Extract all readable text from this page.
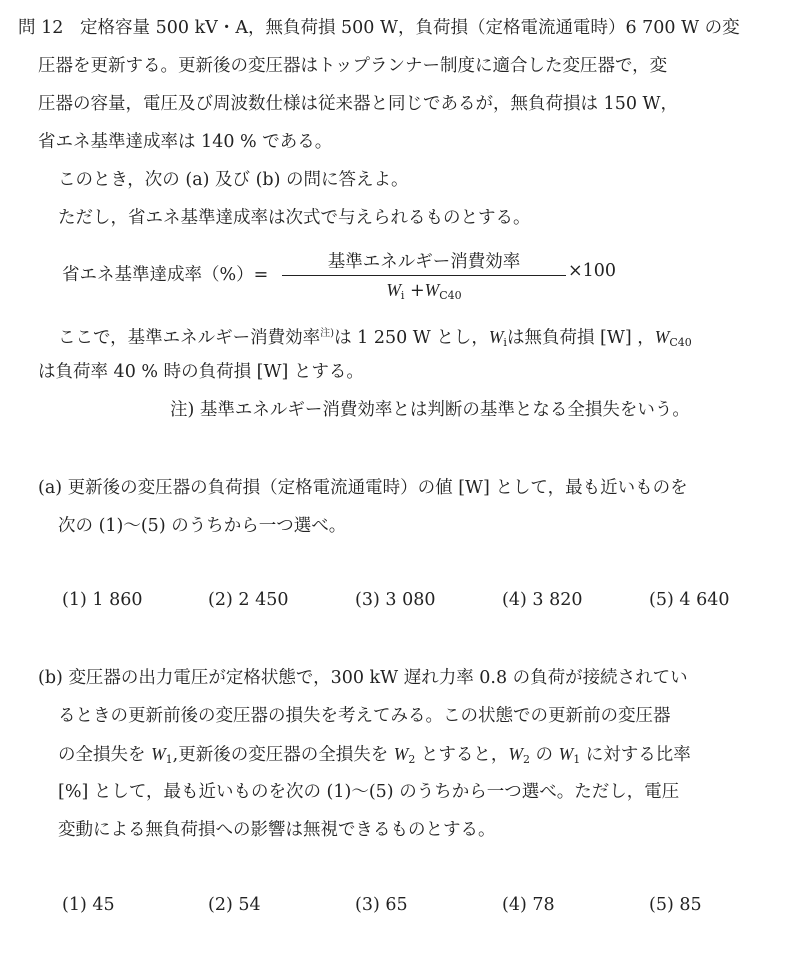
問 12 定格容量 500 kV・A，無負荷損 500 W，負荷損（定格電流通電時）6 700 W の変
圧器を更新する。更新後の変圧器はトップランナー制度に適合した変圧器で，変
圧器の容量，電圧及び周波数仕様は従来器と同じであるが，無負荷損は 150 W，
省エネ基準達成率は 140 % である。
このとき，次の (a) 及び (b) の問に答えよ。
ただし，省エネ基準達成率は次式で与えられるものとする。
省エネ基準達成率（%）=
基準エネルギー消費効率
$W_i +W_{C40}$
×100
ここで，基準エネルギー消費効率$^{注)}$は 1 250 W とし，$W_i$は無負荷損 [W] ，$W_{C40}$
は負荷率 40 % 時の負荷損 [W] とする。
注) 基準エネルギー消費効率とは判断の基準となる全損失をいう。
(a) 更新後の変圧器の負荷損（定格電流通電時）の値 [W] として，最も近いものを
次の (1)～(5) のうちから一つ選べ。
(1) 1 860	(2) 2 450	(3) 3 080	(4) 3 820	(5) 4 640
(b) 変圧器の出力電圧が定格状態で，300 kW 遅れ力率 0.8 の負荷が接続されてい
るときの更新前後の変圧器の損失を考えてみる。この状態での更新前の変圧器
の全損失を $W_1$,更新後の変圧器の全損失を $W_2$ とすると，$W_2$ の $W_1$ に対する比率
[%] として，最も近いものを次の (1)～(5) のうちから一つ選べ。ただし，電圧
変動による無負荷損への影響は無視できるものとする。
(1) 45	(2) 54	(3) 65	(4) 78	(5) 85
